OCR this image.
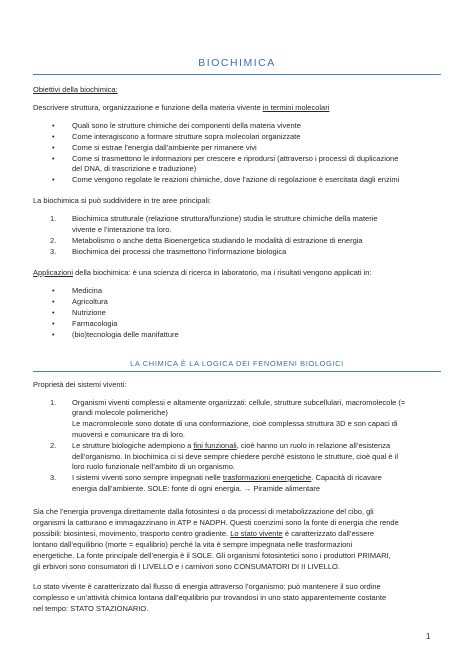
BIOCHIMICA
Obiettivi della biochimica:
Descrivere struttura, organizzazione e funzione della materia vivente in termini molecolari
• Quali sono le strutture chimiche dei componenti della materia vivente
• Come interagiscono a formare strutture sopra molecolari organizzate
• Come si estrae l’energia dall’ambiente per rimanere vivi
• Come si trasmettono le informazioni per crescere e riprodursi (attraverso i processi di duplicazione
del DNA, di trascrizione e traduzione)
• Come vengono regolate le reazioni chimiche, dove l’azione di regolazione è esercitata dagli enzimi
La biochimica si può suddividere in tre aree principali:
1. Biochimica strutturale (relazione struttura/funzione) studia le strutture chimiche della materie
vivente e l’interazione tra loro.
2. Metabolismo o anche detta Bioenergetica studiando le modalità di estrazione di energia
3. Biochimica dei processi che trasmettono l’informazione biologica
Applicazioni della biochimica: è una scienza di ricerca in laboratorio, ma i risultati vengono applicati in:
• Medicina
• Agricoltura
• Nutrizione
• Farmacologia
• (bio)tecnologia delle manifatture
LA CHIMICA È LA LOGICA DEI FENOMENI BIOLOGICI
Proprietà dei sistemi viventi:
1. Organismi viventi complessi e altamente organizzati: cellule, strutture subcellulari, macromolecole (=
grandi molecole polimeriche)
Le macromolecole sono dotate di una conformazione, cioè complessa struttura 3D e son capaci di
muoversi e comunicare tra di loro.
2. Le strutture biologiche adempiono a fini funzionali, cioè hanno un ruolo in relazione all’esistenza
dell’organismo. In biochimica ci si deve sempre chiedere perché esistono le strutture, cioè qual è il
loro ruolo funzionale nell’ambito di un organismo.
3. I sistemi viventi sono sempre impegnati nelle trasformazioni energetiche. Capacità di ricavare
energia dall’ambiente. SOLE: fonte di ogni energia. → Piramide alimentare
Sia che l’energia provenga direttamente dalla fotosintesi o da processi di metabolizzazione del cibo, gli
organismi la catturano e immagazzinano in ATP e NADPH. Questi coenzimi sono la fonte di energia che rende
possibili: biosintesi, movimento, trasporto contro gradiente. Lo stato vivente è caratterizzato dall’essere
lontano dall’equilibrio (morte = equilibrio) perché la vita è sempre impegnata nelle trasformazioni
energetiche. La fonte principale dell’energia è il SOLE. Gli organismi fotosintetici sono i produttori PRIMARI,
gli erbivori sono consumatori di I LIVELLO e i carnivori sono CONSUMATORI DI II LIVELLO.
Lo stato vivente è caratterizzato dal flusso di energia attraverso l’organismo: può mantenere il suo ordine
complesso e un’attività chimica lontana dall’equilibrio pur trovandosi in uno stato apparentemente costante
nel tempo: STATO STAZIONARIO.
1
